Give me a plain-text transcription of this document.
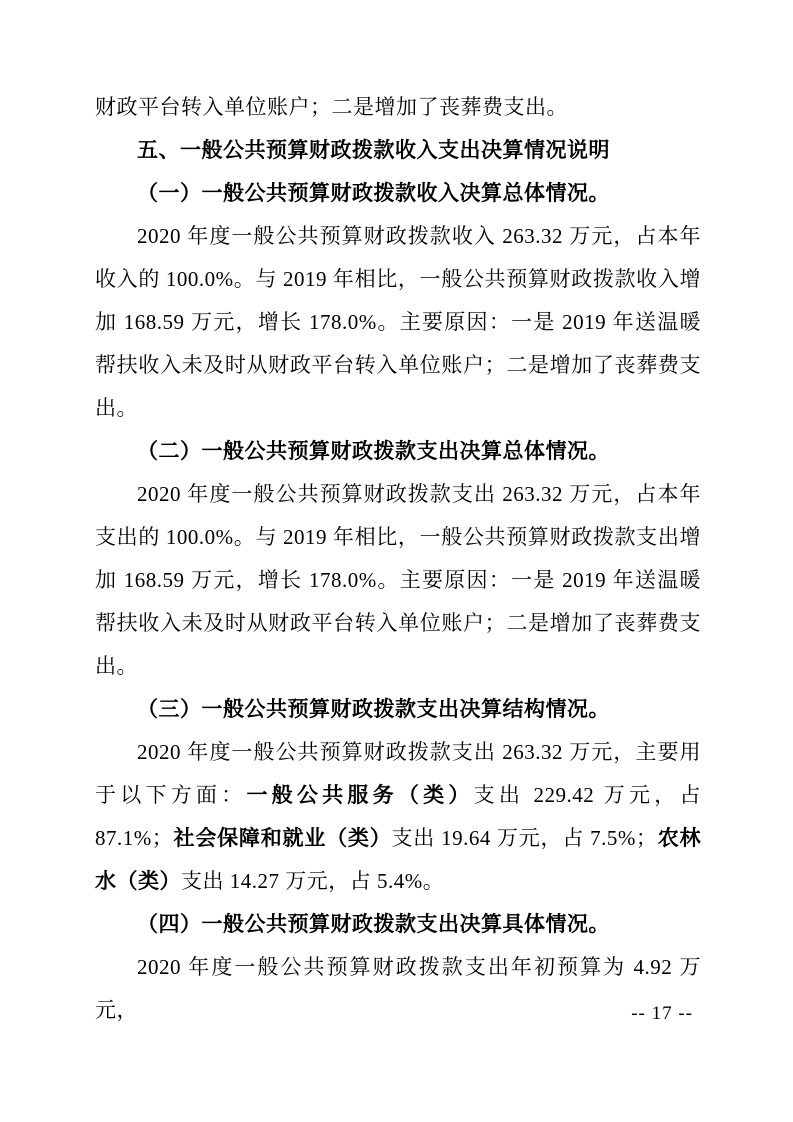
财政平台转入单位账户；二是增加了丧葬费支出。

五、一般公共预算财政拨款收入支出决算情况说明
（一）一般公共预算财政拨款收入决算总体情况。

2020 年度一般公共预算财政拨款收入 263.32 万元，占本年收入的 100.0%。与 2019 年相比，一般公共预算财政拨款收入增加 168.59 万元，增长 178.0%。主要原因：一是 2019 年送温暖帮扶收入未及时从财政平台转入单位账户；二是增加了丧葬费支出。

（二）一般公共预算财政拨款支出决算总体情况。

2020 年度一般公共预算财政拨款支出 263.32 万元，占本年支出的 100.0%。与 2019 年相比，一般公共预算财政拨款支出增加 168.59 万元，增长 178.0%。主要原因：一是 2019 年送温暖帮扶收入未及时从财政平台转入单位账户；二是增加了丧葬费支出。

（三）一般公共预算财政拨款支出决算结构情况。

2020 年度一般公共预算财政拨款支出 263.32 万元，主要用于以下方面：一般公共服务（类）支出 229.42 万元，占 87.1%；社会保障和就业（类）支出 19.64 万元，占 7.5%；农林水（类）支出 14.27 万元，占 5.4%。

（四）一般公共预算财政拨款支出决算具体情况。

2020 年度一般公共预算财政拨款支出年初预算为 4.92 万元，	-- 17 --
